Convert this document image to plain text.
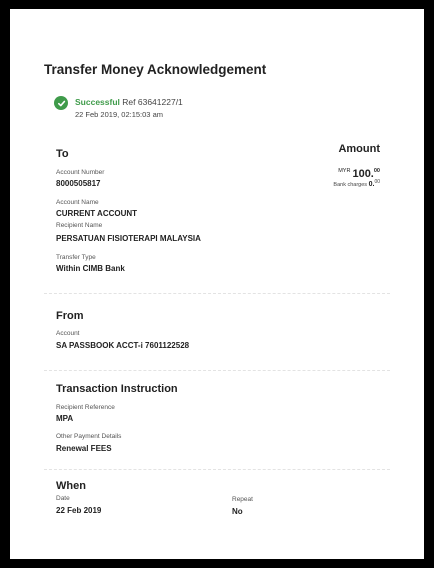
Transfer Money Acknowledgement
Successful Ref 63641227/1
22 Feb 2019, 02:15:03 am
To
Account Number
8000505817
Account Name
CURRENT ACCOUNT
Recipient Name
PERSATUAN FISIOTERAPI MALAYSIA
Transfer Type
Within CIMB Bank
Amount
$^{MYR}$ 100.00
Bank charges 0.00
From
Account
SA PASSBOOK ACCT-i 7601122528
Transaction Instruction
Recipient Reference
MPA
Other Payment Details
Renewal FEES
When
Date
22 Feb 2019
Repeat
No
